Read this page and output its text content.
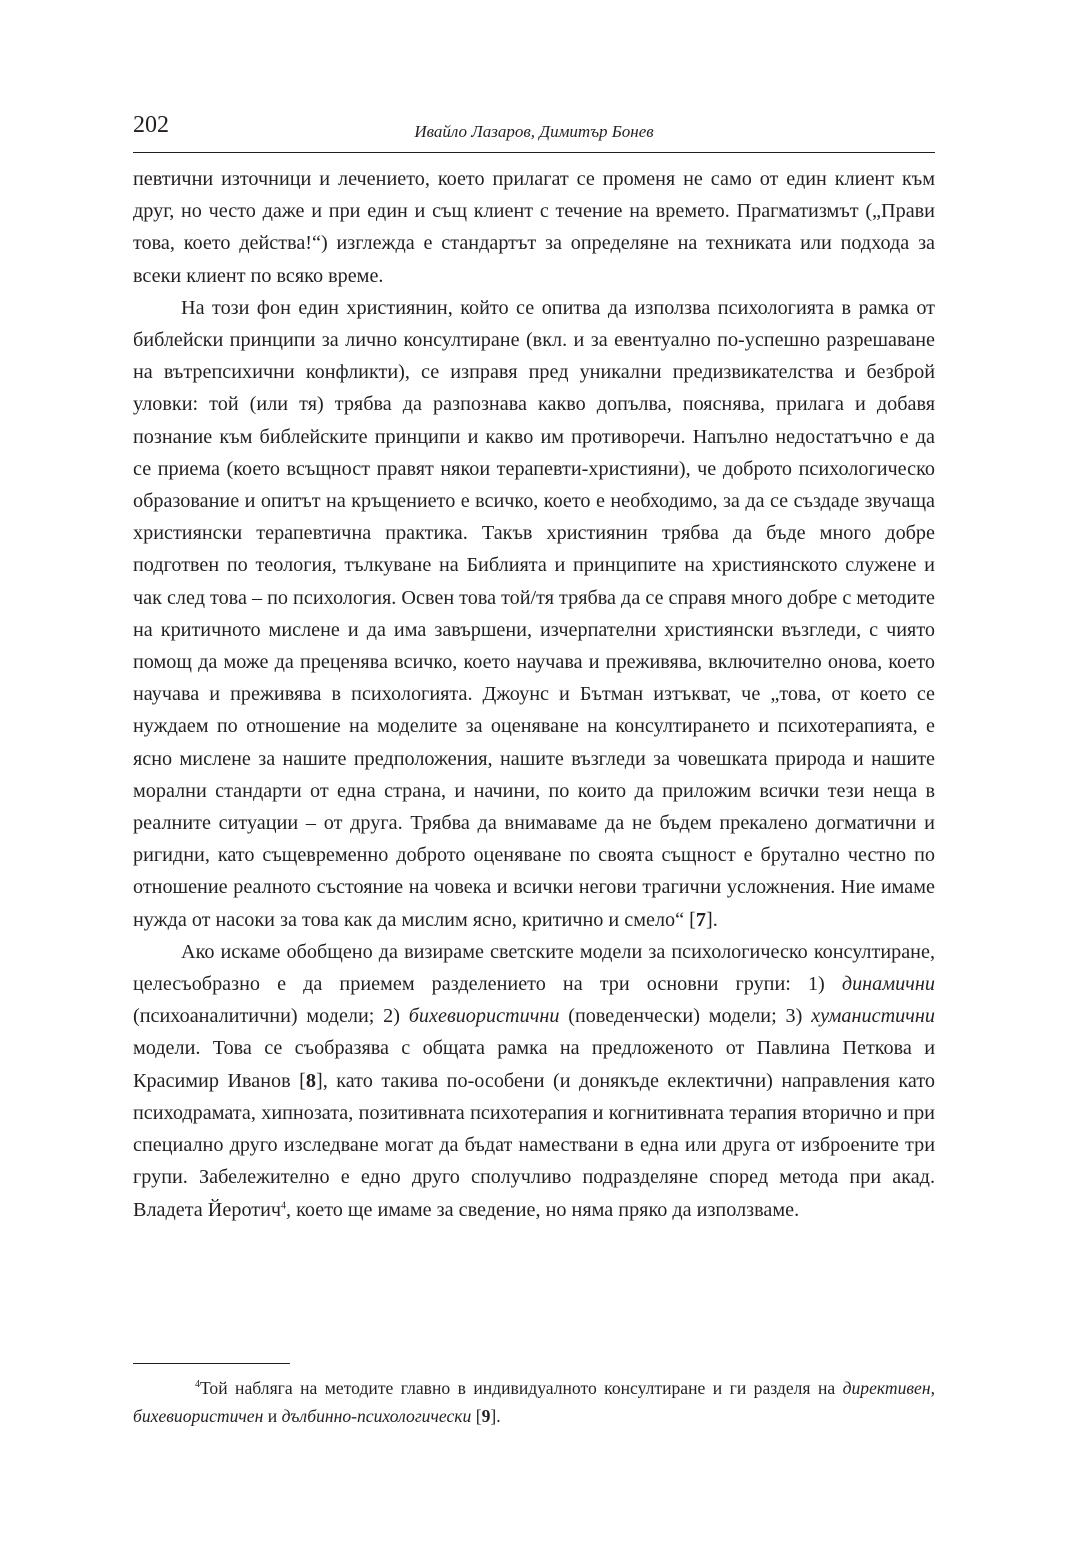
202	Ивайло Лазаров, Димитър Бонев

певтични източници и лечението, което прилагат се променя не само от един клиент към друг, но често даже и при един и същ клиент с течение на времето. Прагматизмът („Прави това, което действа!“) изглежда е стандартът за определяне на техниката или подхода за всеки клиент по всяко време.

На този фон един християнин, който се опитва да използва психологията в рамка от библейски принципи за лично консултиране (вкл. и за евентуално по-успешно разрешаване на вътрепсихични конфликти), се изправя пред уникални предизвикателства и безброй уловки: той (или тя) трябва да разпознава какво допълва, пояснява, прилага и добавя познание към библейските принципи и какво им противоречи. Напълно недостатъчно е да се приема (което всъщност правят някои терапевти-християни), че доброто психологическо образование и опитът на кръщението е всичко, което е необходимо, за да се създаде звучаща християнски терапевтична практика. Такъв християнин трябва да бъде много добре подготвен по теология, тълкуване на Библията и принципите на християнското служене и чак след това – по психология. Освен това той/тя трябва да се справя много добре с методите на критичното мислене и да има завършени, изчерпателни християнски възгледи, с чиято помощ да може да преценява всичко, което научава и преживява, включително онова, което научава и преживява в психологията. Джоунс и Бътман изтъкват, че „това, от което се нуждаем по отношение на моделите за оценяване на консултирането и психотерапията, е ясно мислене за нашите предположения, нашите възгледи за човешката природа и нашите морални стандарти от една страна, и начини, по които да приложим всички тези неща в реалните ситуации – от друга. Трябва да внимаваме да не бъдем прекалено догматични и ригидни, като същевременно доброто оценяване по своята същност е брутално честно по отношение реалното състояние на човека и всички негови трагични усложнения. Ние имаме нужда от насоки за това как да мислим ясно, критично и смело“ [7].

Ако искаме обобщено да визираме светските модели за психологическо консултиране, целесъобразно е да приемем разделението на три основни групи: 1) динамични (психоаналитични) модели; 2) бихевиористични (поведенчески) модели; 3) хуманистични модели. Това се съобразява с общата рамка на предложеното от Павлина Петкова и Красимир Иванов [8], като такива по-особени (и донякъде еклектични) направления като психодрамата, хипнозата, позитивната психотерапия и когнитивната терапия вторично и при специално друго изследване могат да бъдат намествани в една или друга от изброените три групи. Забележително е едно друго сполучливо подразделяне според метода при акад. Владета Йеротич$^4$, което ще имаме за сведение, но няма пряко да използваме.

$^4$Той набляга на методите главно в индивидуалното консултиране и ги разделя на директивен, бихевиористичен и дълбинно-психологически [9].
